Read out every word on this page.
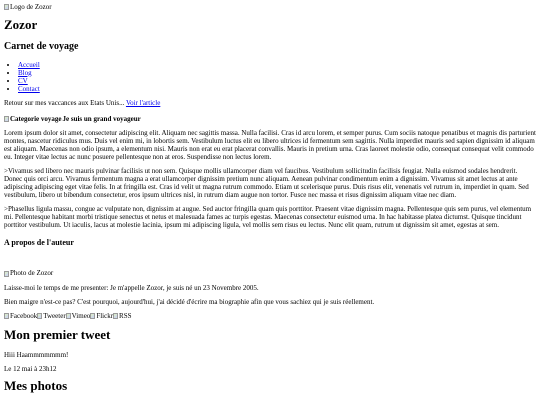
Logo de Zozor
Zozor
Carnet de voyage
• Accueil
• Blog
• CV
• Contact

Retour sur mes vaccances aux Etats Unis... Voir l'article

Categorie voyage Je suis un grand voyageur

Lorem ipsum dolor sit amet, consectetur adipiscing elit. Aliquam nec sagittis massa. Nulla facilisi. Cras id arcu lorem, et semper purus. Cum sociis natoque penatibus et magnis dis parturient montes, nascetur ridiculus mus. Duis vel enim mi, in lobortis sem. Vestibulum luctus elit eu libero ultrices id fermentum sem sagittis. Nulla imperdiet mauris sed sapien dignissim id aliquam est aliquam. Maecenas non odio ipsum, a elementum nisi. Mauris non erat eu erat placerat convallis. Mauris in pretium urna. Cras laoreet molestie odio, consequat consequat velit commodo eu. Integer vitae lectus ac nunc posuere pellentesque non at eros. Suspendisse non lectus lorem.

>Vivamus sed libero nec mauris pulvinar facilisis ut non sem. Quisque mollis ullamcorper diam vel faucibus. Vestibulum sollicitudin facilisis feugiat. Nulla euismod sodales hendrerit. Donec quis orci arcu. Vivamus fermentum magna a erat ullamcorper dignissim pretium nunc aliquam. Aenean pulvinar condimentum enim a dignissim. Vivamus sit amet lectus at ante adipiscing adipiscing eget vitae felis. In at fringilla est. Cras id velit ut magna rutrum commodo. Etiam ut scelerisque purus. Duis risus elit, venenatis vel rutrum in, imperdiet in quam. Sed vestibulum, libero ut bibendum consectetur, eros ipsum ultrices nisl, in rutrum diam augue non tortor. Fusce nec massa et risus dignissim aliquam vitae nec diam.

>Phasellus ligula massu, congue ac vulputate non, dignissim at augue. Sed auctor fringilla quam quis porttitor. Praesent vitae dignissim magna. Pellentesque quis sem purus, vel elementum mi. Pellentesque habitant morbi tristique senectus et netus et malesuada fames ac turpis egestas. Maecenas consectetur euismod urna. In hac habitasse platea dictumst. Quisque tincidunt porttitor vestibulum. Ut iaculis, lacus at molestie lacinia, ipsum mi adipiscing ligula, vel mollis sem risus eu lectus. Nunc elit quam, rutrum ut dignissim sit amet, egestas at sem.

A propos de l'auteur
Photo de Zozor

Laisse-moi le temps de me presenter: Je m'appelle Zozor, je suis né un 23 Novembre 2005.

Bien maigre n'est-ce pas? C'est pourquoi, aujourd'hui, j'ai décidé d'écrire ma biographie afin que vous sachiez qui je suis réellement.

Facebook Tweeter Vimeo Flickr RSS
Mon premier tweet

Hiii Haammmmmmm!

Le 12 mai à 23h12

Mes photos
